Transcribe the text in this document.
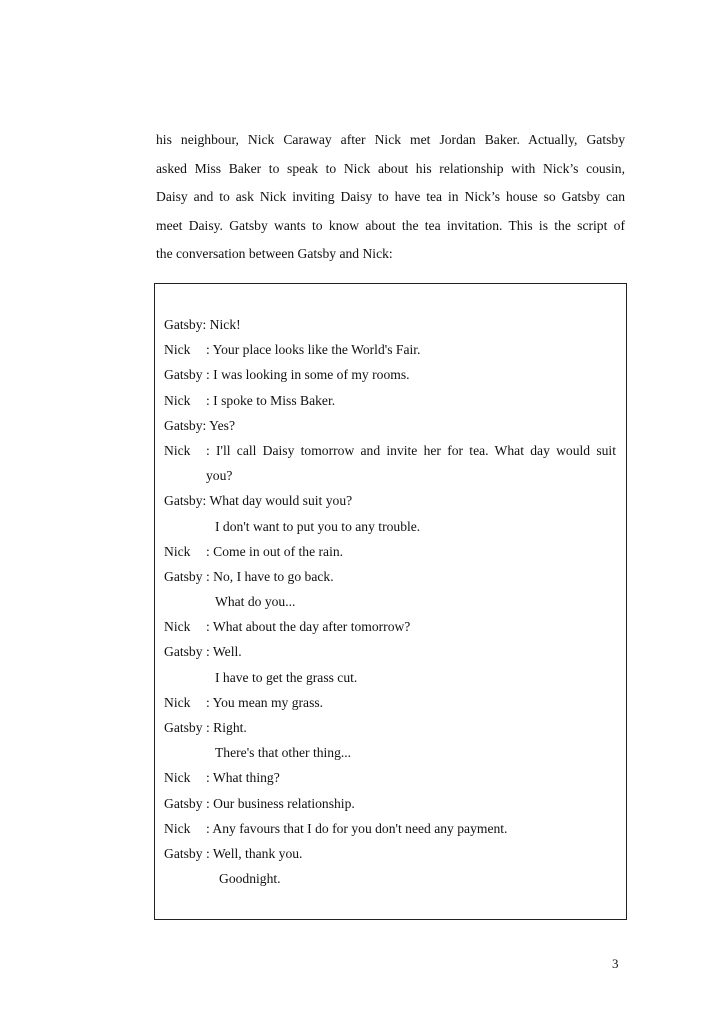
his neighbour, Nick Caraway after Nick met Jordan Baker. Actually, Gatsby
asked Miss Baker to speak to Nick about his relationship with Nick’s cousin,
Daisy and to ask Nick inviting Daisy to have tea in Nick’s house so Gatsby can
meet Daisy. Gatsby wants to know about the tea invitation. This is the script of
the conversation between Gatsby and Nick:
Gatsby: Nick!
Nick : Your place looks like the World's Fair.
Gatsby : I was looking in some of my rooms.
Nick : I spoke to Miss Baker.
Gatsby: Yes?
Nick : I'll call Daisy tomorrow and invite her for tea. What day would suit
you?
Gatsby: What day would suit you?
I don't want to put you to any trouble.
Nick : Come in out of the rain.
Gatsby : No, I have to go back.
What do you...
Nick : What about the day after tomorrow?
Gatsby : Well.
I have to get the grass cut.
Nick : You mean my grass.
Gatsby : Right.
There's that other thing...
Nick : What thing?
Gatsby : Our business relationship.
Nick : Any favours that I do for you don't need any payment.
Gatsby : Well, thank you.
Goodnight.
3
